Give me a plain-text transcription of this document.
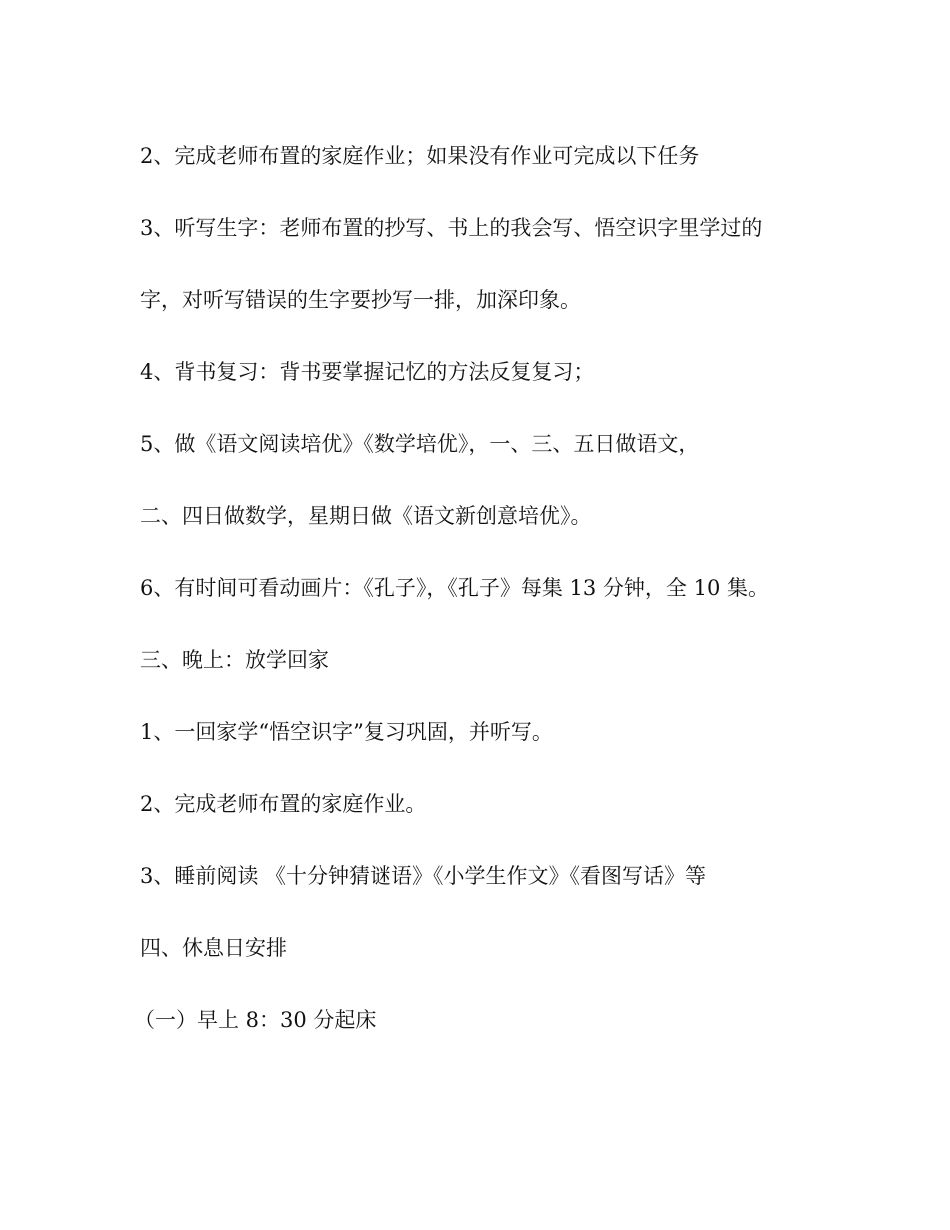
2、完成老师布置的家庭作业；如果没有作业可完成以下任务
3、听写生字：老师布置的抄写、书上的我会写、悟空识字里学过的
字，对听写错误的生字要抄写一排，加深印象。
4、背书复习：背书要掌握记忆的方法反复复习；
5、做《语文阅读培优》《数学培优》，一、三、五日做语文，
二、四日做数学，星期日做《语文新创意培优》。
6、有时间可看动画片：《孔子》，《孔子》每集 13 分钟，全 10 集。
三、晚上：放学回家
1、一回家学“悟空识字”复习巩固，并听写。
2、完成老师布置的家庭作业。
3、睡前阅读 《十分钟猜谜语》《小学生作文》《看图写话》等
四、休息日安排
（一）早上 8：30 分起床
